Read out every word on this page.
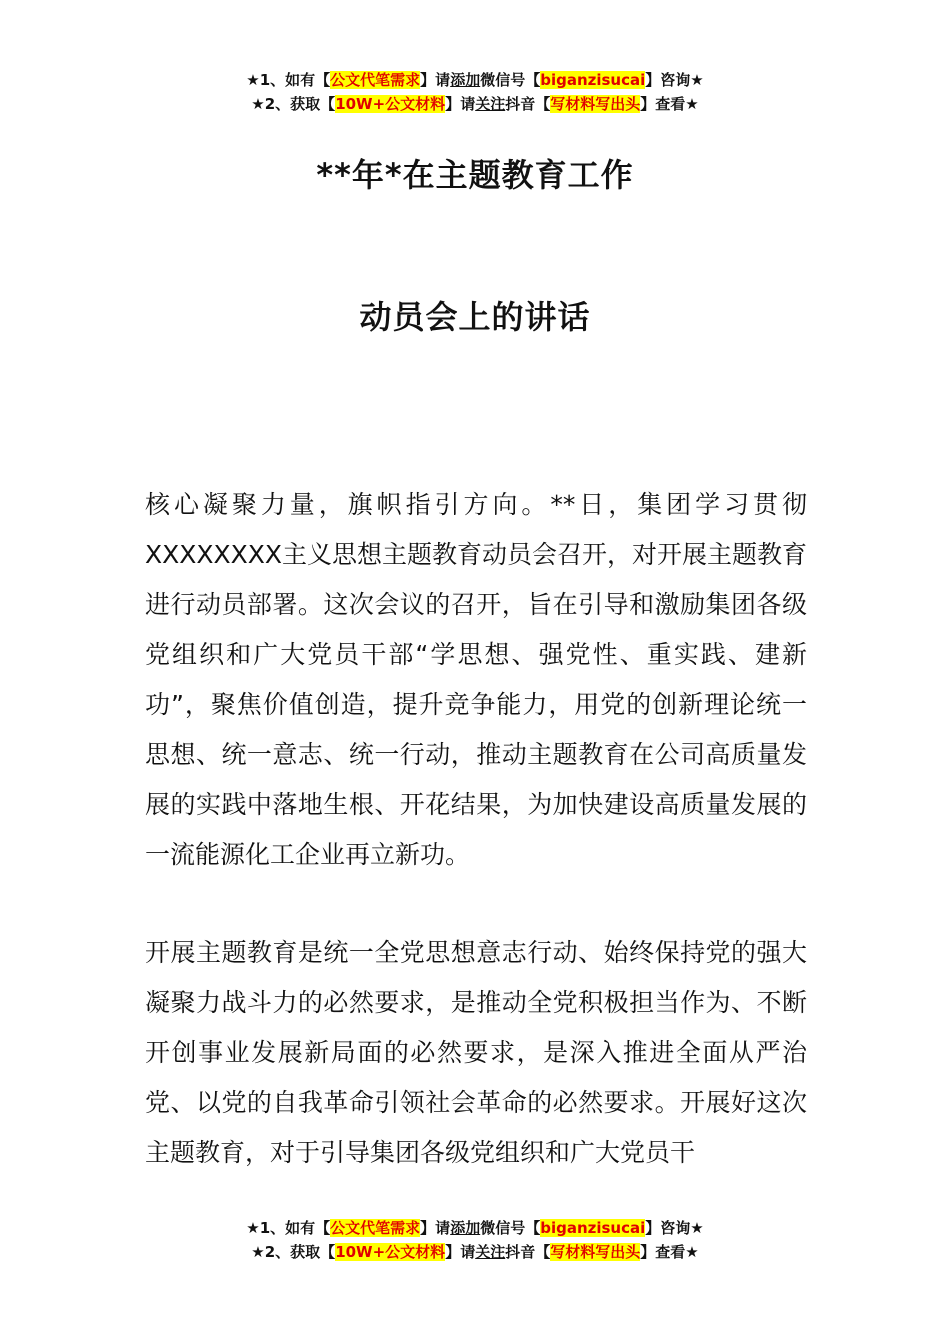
★1、如有【公文代笔需求】请添加微信号【biganzisucai】咨询★
★2、获取【10W+公文材料】请关注抖音【写材料写出头】查看★
**年*在主题教育工作
动员会上的讲话

核心凝聚力量，旗帜指引方向。**日，集团学习贯彻XXXXXXXX主义思想主题教育动员会召开，对开展主题教育进行动员部署。这次会议的召开，旨在引导和激励集团各级党组织和广大党员干部“学思想、强党性、重实践、建新功”，聚焦价值创造，提升竞争能力，用党的创新理论统一思想、统一意志、统一行动，推动主题教育在公司高质量发展的实践中落地生根、开花结果，为加快建设高质量发展的一流能源化工企业再立新功。

开展主题教育是统一全党思想意志行动、始终保持党的强大凝聚力战斗力的必然要求，是推动全党积极担当作为、不断开创事业发展新局面的必然要求，是深入推进全面从严治党、以党的自我革命引领社会革命的必然要求。开展好这次主题教育，对于引导集团各级党组织和广大党员干

★1、如有【公文代笔需求】请添加微信号【biganzisucai】咨询★
★2、获取【10W+公文材料】请关注抖音【写材料写出头】查看★
